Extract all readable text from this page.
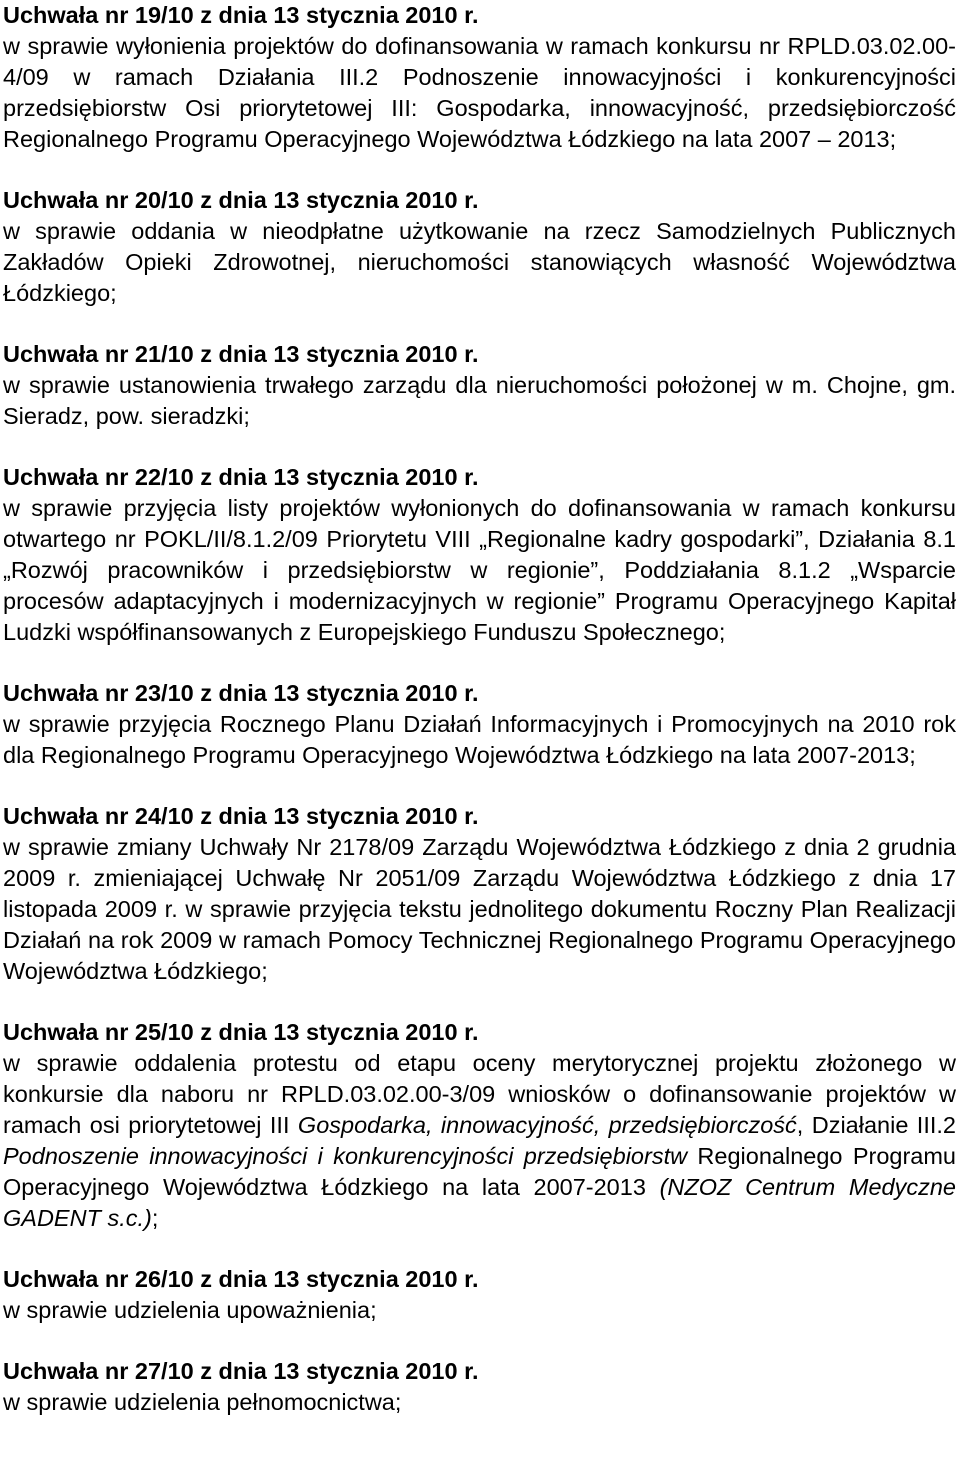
Uchwała nr 19/10 z dnia 13 stycznia 2010 r.
w sprawie wyłonienia projektów do dofinansowania w ramach konkursu nr RPLD.03.02.00-4/09 w ramach Działania III.2 Podnoszenie innowacyjności i konkurencyjności przedsiębiorstw Osi priorytetowej III: Gospodarka, innowacyjność, przedsiębiorczość Regionalnego Programu Operacyjnego Województwa Łódzkiego na lata 2007 – 2013;
Uchwała nr 20/10 z dnia 13 stycznia 2010 r.
w sprawie oddania w nieodpłatne użytkowanie na rzecz Samodzielnych Publicznych Zakładów Opieki Zdrowotnej, nieruchomości stanowiących własność Województwa Łódzkiego;
Uchwała nr 21/10 z dnia 13 stycznia 2010 r.
w sprawie ustanowienia trwałego zarządu dla nieruchomości położonej w m. Chojne, gm. Sieradz, pow. sieradzki;
Uchwała nr 22/10 z dnia 13 stycznia 2010 r.
w sprawie przyjęcia listy projektów wyłonionych do dofinansowania w ramach konkursu otwartego nr POKL/II/8.1.2/09 Priorytetu VIII „Regionalne kadry gospodarki”, Działania 8.1 „Rozwój pracowników i przedsiębiorstw w regionie”, Poddziałania 8.1.2 „Wsparcie procesów adaptacyjnych i modernizacyjnych w regionie” Programu Operacyjnego Kapitał Ludzki współfinansowanych z Europejskiego Funduszu Społecznego;
Uchwała nr 23/10 z dnia 13 stycznia 2010 r.
w sprawie przyjęcia Rocznego Planu Działań Informacyjnych i Promocyjnych na 2010 rok dla Regionalnego Programu Operacyjnego Województwa Łódzkiego na lata 2007-2013;
Uchwała nr 24/10 z dnia 13 stycznia 2010 r.
w sprawie zmiany Uchwały Nr 2178/09 Zarządu Województwa Łódzkiego z dnia 2 grudnia 2009 r. zmieniającej Uchwałę Nr 2051/09 Zarządu Województwa Łódzkiego z dnia 17 listopada 2009 r. w sprawie przyjęcia tekstu jednolitego dokumentu Roczny Plan Realizacji Działań na rok 2009 w ramach Pomocy Technicznej Regionalnego Programu Operacyjnego Województwa Łódzkiego;
Uchwała nr 25/10 z dnia 13 stycznia 2010 r.
w sprawie oddalenia protestu od etapu oceny merytorycznej projektu złożonego w konkursie dla naboru nr RPLD.03.02.00-3/09 wniosków o dofinansowanie projektów w ramach osi priorytetowej III Gospodarka, innowacyjność, przedsiębiorczość, Działanie III.2 Podnoszenie innowacyjności i konkurencyjności przedsiębiorstw Regionalnego Programu Operacyjnego Województwa Łódzkiego na lata 2007-2013 (NZOZ Centrum Medyczne GADENT s.c.);
Uchwała nr 26/10 z dnia 13 stycznia 2010 r.
w sprawie udzielenia upoważnienia;
Uchwała nr 27/10 z dnia 13 stycznia 2010 r.
w sprawie udzielenia pełnomocnictwa;
